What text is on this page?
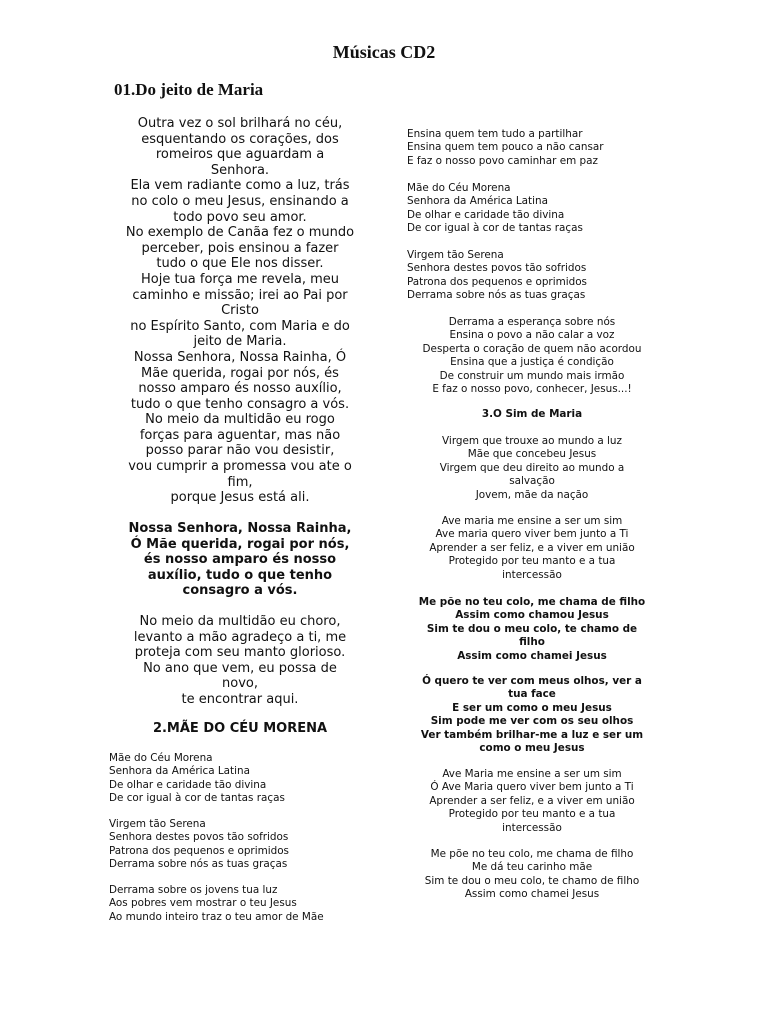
Músicas CD2
01.Do jeito de Maria
Outra vez o sol brilhará no céu,
esquentando os corações, dos
romeiros que aguardam a
Senhora.
Ela vem radiante como a luz, trás
no colo o meu Jesus, ensinando a
todo povo seu amor.
No exemplo de Canãa fez o mundo
perceber, pois ensinou a fazer
tudo o que Ele nos disser.
Hoje tua força me revela, meu
caminho e missão; irei ao Pai por
Cristo
no Espírito Santo, com Maria e do
jeito de Maria.
Nossa Senhora, Nossa Rainha, Ó
Mãe querida, rogai por nós, és
nosso amparo és nosso auxílio,
tudo o que tenho consagro a vós.
No meio da multidão eu rogo
forças para aguentar, mas não
posso parar não vou desistir,
vou cumprir a promessa vou ate o
fim,
porque Jesus está ali.
Nossa Senhora, Nossa Rainha,
Ó Mãe querida, rogai por nós,
és nosso amparo és nosso
auxílio, tudo o que tenho
consagro a vós.
No meio da multidão eu choro,
levanto a mão agradeço a ti, me
proteja com seu manto glorioso.
No ano que vem, eu possa de
novo,
te encontrar aqui.
2.MÃE DO CÉU MORENA
Mãe do Céu Morena
Senhora da América Latina
De olhar e caridade tão divina
De cor igual à cor de tantas raças
Virgem tão Serena
Senhora destes povos tão sofridos
Patrona dos pequenos e oprimidos
Derrama sobre nós as tuas graças
Derrama sobre os jovens tua luz
Aos pobres vem mostrar o teu Jesus
Ao mundo inteiro traz o teu amor de Mãe
Ensina quem tem tudo a partilhar
Ensina quem tem pouco a não cansar
E faz o nosso povo caminhar em paz
Mãe do Céu Morena
Senhora da América Latina
De olhar e caridade tão divina
De cor igual à cor de tantas raças
Virgem tão Serena
Senhora destes povos tão sofridos
Patrona dos pequenos e oprimidos
Derrama sobre nós as tuas graças
Derrama a esperança sobre nós
Ensina o povo a não calar a voz
Desperta o coração de quem não acordou
Ensina que a justiça é condição
De construir um mundo mais irmão
E faz o nosso povo, conhecer, Jesus...!
3.O Sim de Maria
Virgem que trouxe ao mundo a luz
Mãe que concebeu Jesus
Virgem que deu direito ao mundo a
salvação
Jovem, mãe da nação
Ave maria me ensine a ser um sim
Ave maria quero viver bem junto a Ti
Aprender a ser feliz, e a viver em união
Protegido por teu manto e a tua
intercessão
Me põe no teu colo, me chama de filho
Assim como chamou Jesus
Sim te dou o meu colo, te chamo de
filho
Assim como chamei Jesus
Ó quero te ver com meus olhos, ver a
tua face
E ser um como o meu Jesus
Sim pode me ver com os seu olhos
Ver também brilhar-me a luz e ser um
como o meu Jesus
Ave Maria me ensine a ser um sim
Ó Ave Maria quero viver bem junto a Ti
Aprender a ser feliz, e a viver em união
Protegido por teu manto e a tua
intercessão
Me põe no teu colo, me chama de filho
Me dá teu carinho mãe
Sim te dou o meu colo, te chamo de filho
Assim como chamei Jesus
